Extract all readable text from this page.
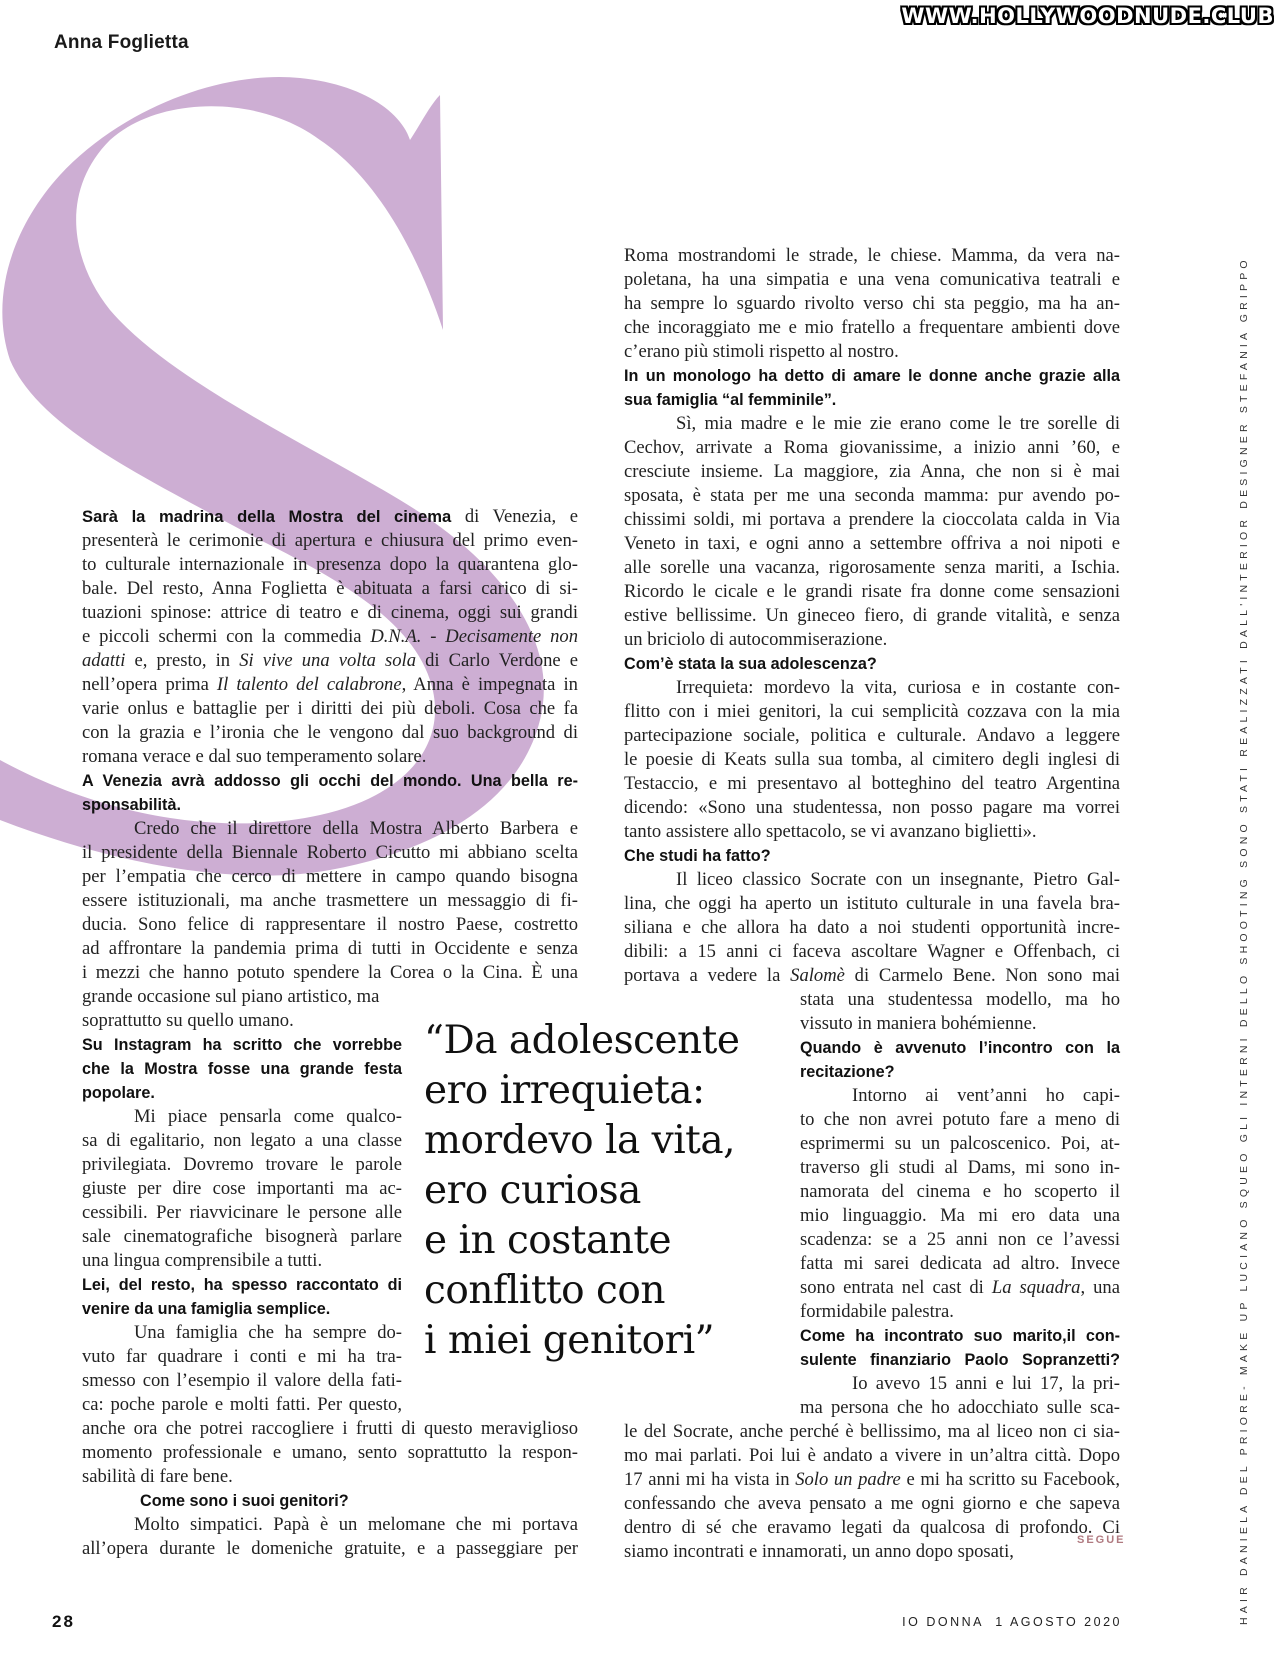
WWW.HOLLYWOODNUDE.CLUB
Anna Foglietta
Sarà la madrina della Mostra del cinema di Venezia, e
presenterà le cerimonie di apertura e chiusura del primo even-
to culturale internazionale in presenza dopo la quarantena glo-
bale. Del resto, Anna Foglietta è abituata a farsi carico di si-
tuazioni spinose: attrice di teatro e di cinema, oggi sui grandi
e piccoli schermi con la commedia D.N.A. - Decisamente non
adatti e, presto, in Si vive una volta sola di Carlo Verdone e
nell’opera prima Il talento del calabrone, Anna è impegnata in
varie onlus e battaglie per i diritti dei più deboli. Cosa che fa
con la grazia e l’ironia che le vengono dal suo background di
romana verace e dal suo temperamento solare.
A Venezia avrà addosso gli occhi del mondo. Una bella re-
sponsabilità.
Credo che il direttore della Mostra Alberto Barbera e
il presidente della Biennale Roberto Cicutto mi abbiano scelta
per l’empatia che cerco di mettere in campo quando bisogna
essere istituzionali, ma anche trasmettere un messaggio di fi-
ducia. Sono felice di rappresentare il nostro Paese, costretto
ad affrontare la pandemia prima di tutti in Occidente e senza
i mezzi che hanno potuto spendere la Corea o la Cina. È una
grande occasione sul piano artistico, ma
soprattutto su quello umano.
Su Instagram ha scritto che vorrebbe
che la Mostra fosse una grande festa
popolare.
Mi piace pensarla come qualco-
sa di egalitario, non legato a una classe
privilegiata. Dovremo trovare le parole
giuste per dire cose importanti ma ac-
cessibili. Per riavvicinare le persone alle
sale cinematografiche bisognerà parlare
una lingua comprensibile a tutti.
Lei, del resto, ha spesso raccontato di
venire da una famiglia semplice.
Una famiglia che ha sempre do-
vuto far quadrare i conti e mi ha tra-
smesso con l’esempio il valore della fati-
ca: poche parole e molti fatti. Per questo,
anche ora che potrei raccogliere i frutti di questo meraviglioso
momento professionale e umano, sento soprattutto la respon-
sabilità di fare bene.
Come sono i suoi genitori?
Molto simpatici. Papà è un melomane che mi portava
all’opera durante le domeniche gratuite, e a passeggiare per
Roma mostrandomi le strade, le chiese. Mamma, da vera na-
poletana, ha una simpatia e una vena comunicativa teatrali e
ha sempre lo sguardo rivolto verso chi sta peggio, ma ha an-
che incoraggiato me e mio fratello a frequentare ambienti dove
c’erano più stimoli rispetto al nostro.
In un monologo ha detto di amare le donne anche grazie alla
sua famiglia “al femminile”.
Sì, mia madre e le mie zie erano come le tre sorelle di
Cechov, arrivate a Roma giovanissime, a inizio anni ’60, e
cresciute insieme. La maggiore, zia Anna, che non si è mai
sposata, è stata per me una seconda mamma: pur avendo po-
chissimi soldi, mi portava a prendere la cioccolata calda in Via
Veneto in taxi, e ogni anno a settembre offriva a noi nipoti e
alle sorelle una vacanza, rigorosamente senza mariti, a Ischia.
Ricordo le cicale e le grandi risate fra donne come sensazioni
estive bellissime. Un gineceo fiero, di grande vitalità, e senza
un briciolo di autocommiserazione.
Com’è stata la sua adolescenza?
Irrequieta: mordevo la vita, curiosa e in costante con-
flitto con i miei genitori, la cui semplicità cozzava con la mia
partecipazione sociale, politica e culturale. Andavo a leggere
le poesie di Keats sulla sua tomba, al cimitero degli inglesi di
Testaccio, e mi presentavo al botteghino del teatro Argentina
dicendo: «Sono una studentessa, non posso pagare ma vorrei
tanto assistere allo spettacolo, se vi avanzano biglietti».
Che studi ha fatto?
Il liceo classico Socrate con un insegnante, Pietro Gal-
lina, che oggi ha aperto un istituto culturale in una favela bra-
siliana e che allora ha dato a noi studenti opportunità incre-
dibili: a 15 anni ci faceva ascoltare Wagner e Offenbach, ci
portava a vedere la Salomè di Carmelo Bene. Non sono mai
stata una studentessa modello, ma ho
vissuto in maniera bohémienne.
Quando è avvenuto l’incontro con la
recitazione?
Intorno ai vent’anni ho capi-
to che non avrei potuto fare a meno di
esprimermi su un palcoscenico. Poi, at-
traverso gli studi al Dams, mi sono in-
namorata del cinema e ho scoperto il
mio linguaggio. Ma mi ero data una
scadenza: se a 25 anni non ce l’avessi
fatta mi sarei dedicata ad altro. Invece
sono entrata nel cast di La squadra, una
formidabile palestra.
Come ha incontrato suo marito,il con-
sulente finanziario Paolo Sopranzetti?
Io avevo 15 anni e lui 17, la pri-
ma persona che ho adocchiato sulle sca-
le del Socrate, anche perché è bellissimo, ma al liceo non ci sia-
mo mai parlati. Poi lui è andato a vivere in un’altra città. Dopo
17 anni mi ha vista in Solo un padre e mi ha scritto su Facebook,
confessando che aveva pensato a me ogni giorno e che sapeva
dentro di sé che eravamo legati da qualcosa di profondo. Ci
siamo incontrati e innamorati, un anno dopo sposati,
SEGUE
“Da adolescente
ero irrequieta:
mordevo la vita,
ero curiosa
e in costante
conflitto con
i miei genitori”
28	IO DONNA  1 AGOSTO 2020	HAIR DANIELA DEL PRIORE- MAKE UP LUCIANO SQUEO GLI INTERNI DELLO SHOOTING SONO STATI REALIZZATI DALL'INTERIOR DESIGNER STEFANIA GRIPPO
